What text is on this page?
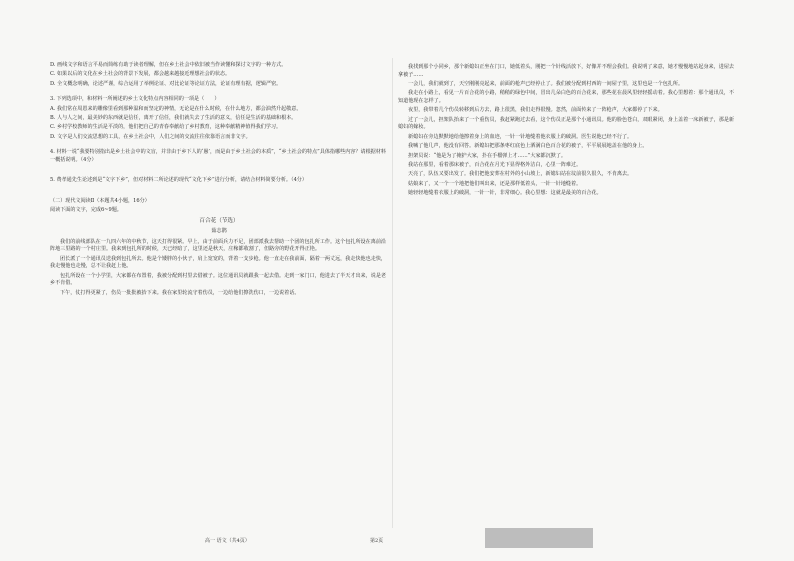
D. 画线文字和语言平易而简练有助于读者理解，但在乡土社会中依旧被当作读懂和探讨文字的一种方式。

C. 如果以后的文化在乡土社会的背景下发展，都会越来越接近理想社会的状态。

D. 全文概念明确，论述严谨，综合运用了举例论证、对比论证等论证方法，论证有理有据，逻辑严密。

3. 下列选项中，和材料一所阐述的乡土文化特点内容相同的一项是（　　）

A. 我们常在周恩来的雕像里看到那种温和而坚定的神情，无论是在什么时候，在什么地方，都会油然升起敬意。

B. 人与人之间，最美妙的东西就是信任，离开了信任，我们就失去了生活的意义，信任是生活的基础和根本。

C. 乡村学校教师的生活是平淡的，他们把自己的青春奉献给了乡村教育，这种奉献精神值得我们学习。

D. 文字是人们交流思想的工具，在乡土社会中，人们之间的交流往往依靠语言而非文字。

4. 材料一说“我要特别指出是乡土社会中的文盲，并非由于乡下人的‘愚’，而是由于乡土社会的本质”，“乡土社会的特点”具体指哪些内容？请根据材料一概括说明。（4分）

5. 费孝通先生论述到是“文字下乡”，但对材料二所论述的现代“文化下乡”进行分析，请结合材料简要分析。（4分）

（二）现代文阅读Ⅱ（本题共4小题，16分）

阅读下面的文字，完成6~9题。

百合花（节选）
茹志鹃

我们的前线部队在一九四六年的中秋节，这天打得很紧。早上，由于前面兵力不足，团部派我去帮助一个团的包扎所工作。这个包扎所设在离前沿阵地三里路的一个村庄里。我来到包扎所的时候，天已经暗了，这里还是秋天，庄稼都收割了，但路旁的野花开得正艳。

团长派了一个通讯员送我到包扎所去。他是个矮胖的小伙子，肩上宽宽的，背着一支步枪。他一直走在我前面，隔着一两丈远，我走快他也走快，我走慢他也走慢，总不让我赶上他。

包扎所设在一个小学里，大家都在布置着，我被分配到村里去借被子。这位通讯员就跟我一起去借。走到一家门口，他进去了半天才出来，说是老乡不肯借。

下午，仗打得更紧了，伤员一批批被抬下来。我在家里轮流守着伤员，一边给他们擦洗伤口，一边说着话。

我找到那个小同乡，那个新媳妇正坐在门口，她低着头，刚把一个针线活放下，好像并不理会我们。我说明了来意，她才慢慢地站起身来，进屋去拿被子……

一会儿，我们就到了，天空刚刚亮起来，前面的枪声已经停止了。我们被分配到村西的一间屋子里，这里也是一个包扎所。

我走在小路上，看见一片百合花的小路，稍稍的绿色中间，冒出几朵白色的百合花来，那些花在晨风里轻轻摇动着。我心里想着：那个通讯员，不知道他现在怎样了。

夜里，我带着几个伤员转移到后方去，路上很黑，我们走得很慢。忽然，前面传来了一阵枪声，大家都停了下来。

过了一会儿，担架队抬来了一个重伤员，我赶紧跑过去看，这个伤员正是那个小通讯员。他的脸色苍白，双眼紧闭，身上盖着一床新被子，那是新媳妇的嫁妆。

新媳妇在旁边默默地给他擦着身上的血迹，一针一针地缝着他衣服上的破洞。医生说他已经不行了。

我喊了他几声，他没有回答。新媳妇把那条枣红底色上洒满白色百合花的被子，平平展展地盖在他的身上。

担架员说：“他是为了掩护大家，扑在手榴弹上才……”大家都沉默了。

我站在那里，看着那床被子，百合花在月光下显得格外洁白，心里一阵难过。

天亮了，队伍又要出发了。我们把他安葬在村外的小山坡上，新媳妇站在坟前很久很久，不肯离去。

姑娘来了，又一个一个地把他们叫出来，还是那样低着头，一针一针地缝着。

她轻轻地缝着衣服上的破洞，一针一针，非常细心。我心里想：这就是最美的百合花。

高一 语文（共4页）	第2页
